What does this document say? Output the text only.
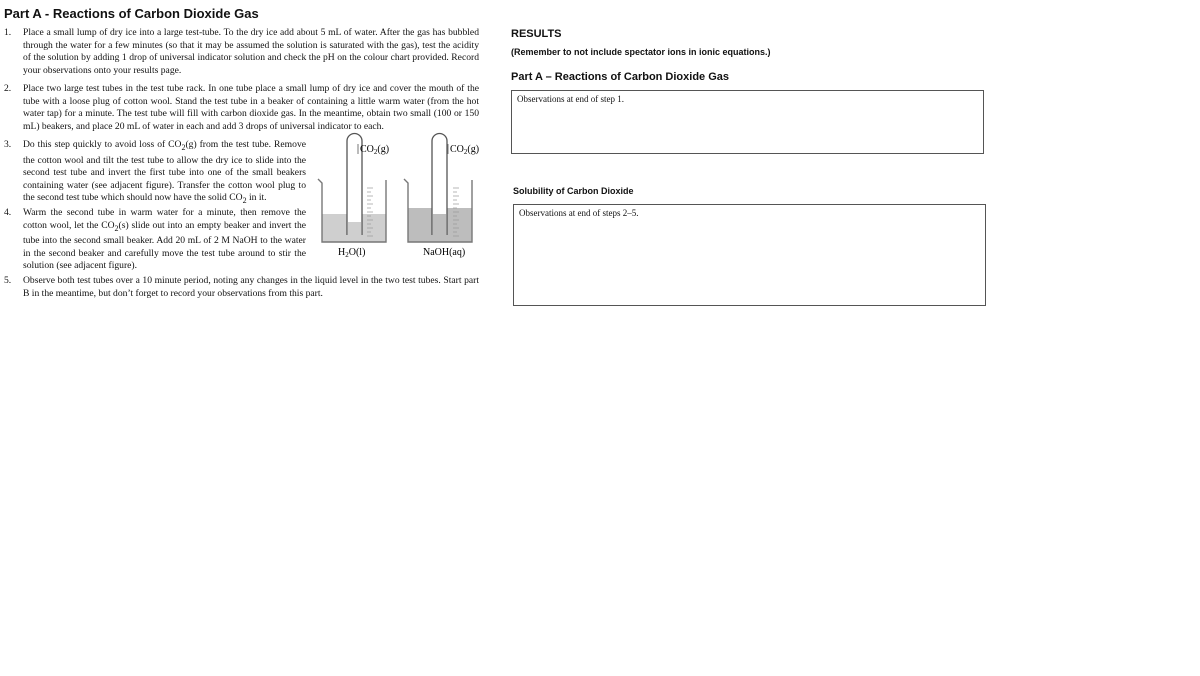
Part A - Reactions of Carbon Dioxide Gas
1. Place a small lump of dry ice into a large test-tube. To the dry ice add about 5 mL of water. After the gas has bubbled through the water for a few minutes (so that it may be assumed the solution is saturated with the gas), test the acidity of the solution by adding 1 drop of universal indicator solution and check the pH on the colour chart provided. Record your observations onto your results page.
2. Place two large test tubes in the test tube rack. In one tube place a small lump of dry ice and cover the mouth of the tube with a loose plug of cotton wool. Stand the test tube in a beaker of containing a little warm water (from the hot water tap) for a minute. The test tube will fill with carbon dioxide gas. In the meantime, obtain two small (100 or 150 mL) beakers, and place 20 mL of water in each and add 3 drops of universal indicator to each.
3. Do this step quickly to avoid loss of $CO_2(g)$ from the test tube. Remove the cotton wool and tilt the test tube to allow the dry ice to slide into the second test tube and invert the first tube into one of the small beakers containing water (see adjacent figure). Transfer the cotton wool plug to the second test tube which should now have the solid $CO_2$ in it.
4. Warm the second tube in warm water for a minute, then remove the cotton wool, let the $CO_2(s)$ slide out into an empty beaker and invert the tube into the second small beaker. Add 20 mL of 2 M NaOH to the water in the second beaker and carefully move the test tube around to stir the solution (see adjacent figure).
5. Observe both test tubes over a 10 minute period, noting any changes in the liquid level in the two test tubes. Start part B in the meantime, but don’t forget to record your observations from this part.
$CO_2(g)$	$CO_2(g)$
$H_2O(l)$	NaOH(aq)
RESULTS
(Remember to not include spectator ions in ionic equations.)
Part A – Reactions of Carbon Dioxide Gas
Observations at end of step 1.
Solubility of Carbon Dioxide
Observations at end of steps 2–5.
